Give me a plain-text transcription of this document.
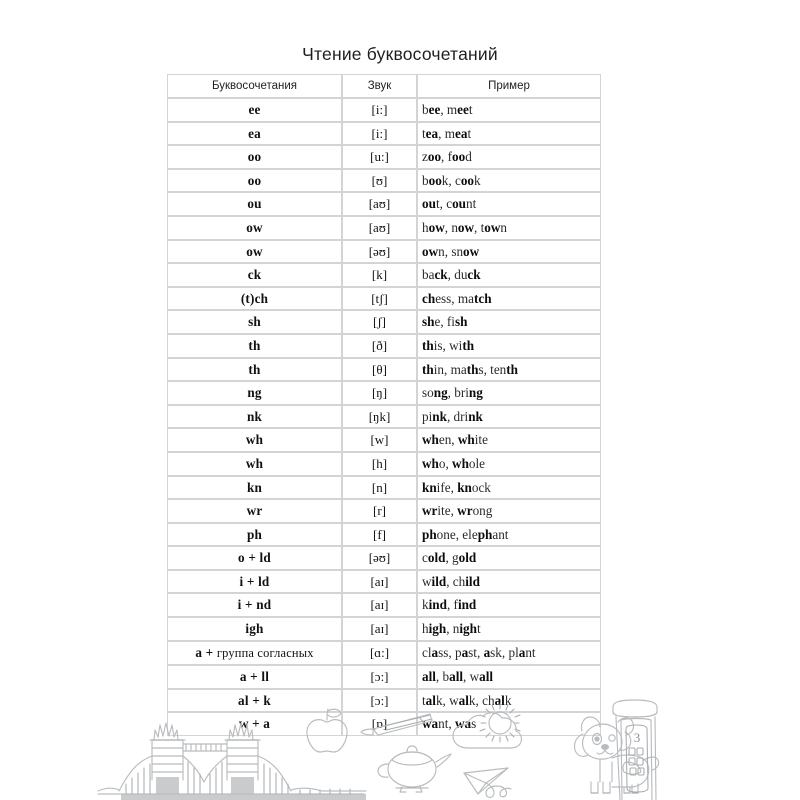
Чтение буквосочетаний
Буквосочетания	Звук	Пример
ee	[i:]	bee, meet
ea	[i:]	tea, meat
oo	[u:]	zoo, food
oo	[ʊ]	book, cook
ou	[aʊ]	out, count
ow	[aʊ]	how, now, town
ow	[əʊ]	own, snow
ck	[k]	back, duck
(t)ch	[tʃ]	chess, match
sh	[ʃ]	she, fish
th	[ð]	this, with
th	[θ]	thin, maths, tenth
ng	[ŋ]	song, bring
nk	[ŋk]	pink, drink
wh	[w]	when, white
wh	[h]	who, whole
kn	[n]	knife, knock
wr	[r]	write, wrong
ph	[f]	phone, elephant
o + ld	[əʊ]	cold, gold
i + ld	[aɪ]	wild, child
i + nd	[aɪ]	kind, find
igh	[aɪ]	high, night
a + группа согласных	[ɑ:]	class, past, ask, plant
a + ll	[ɔ:]	all, ball, wall
al + k	[ɔ:]	talk, walk, chalk
w + a	[ɒ]	want, was
3
